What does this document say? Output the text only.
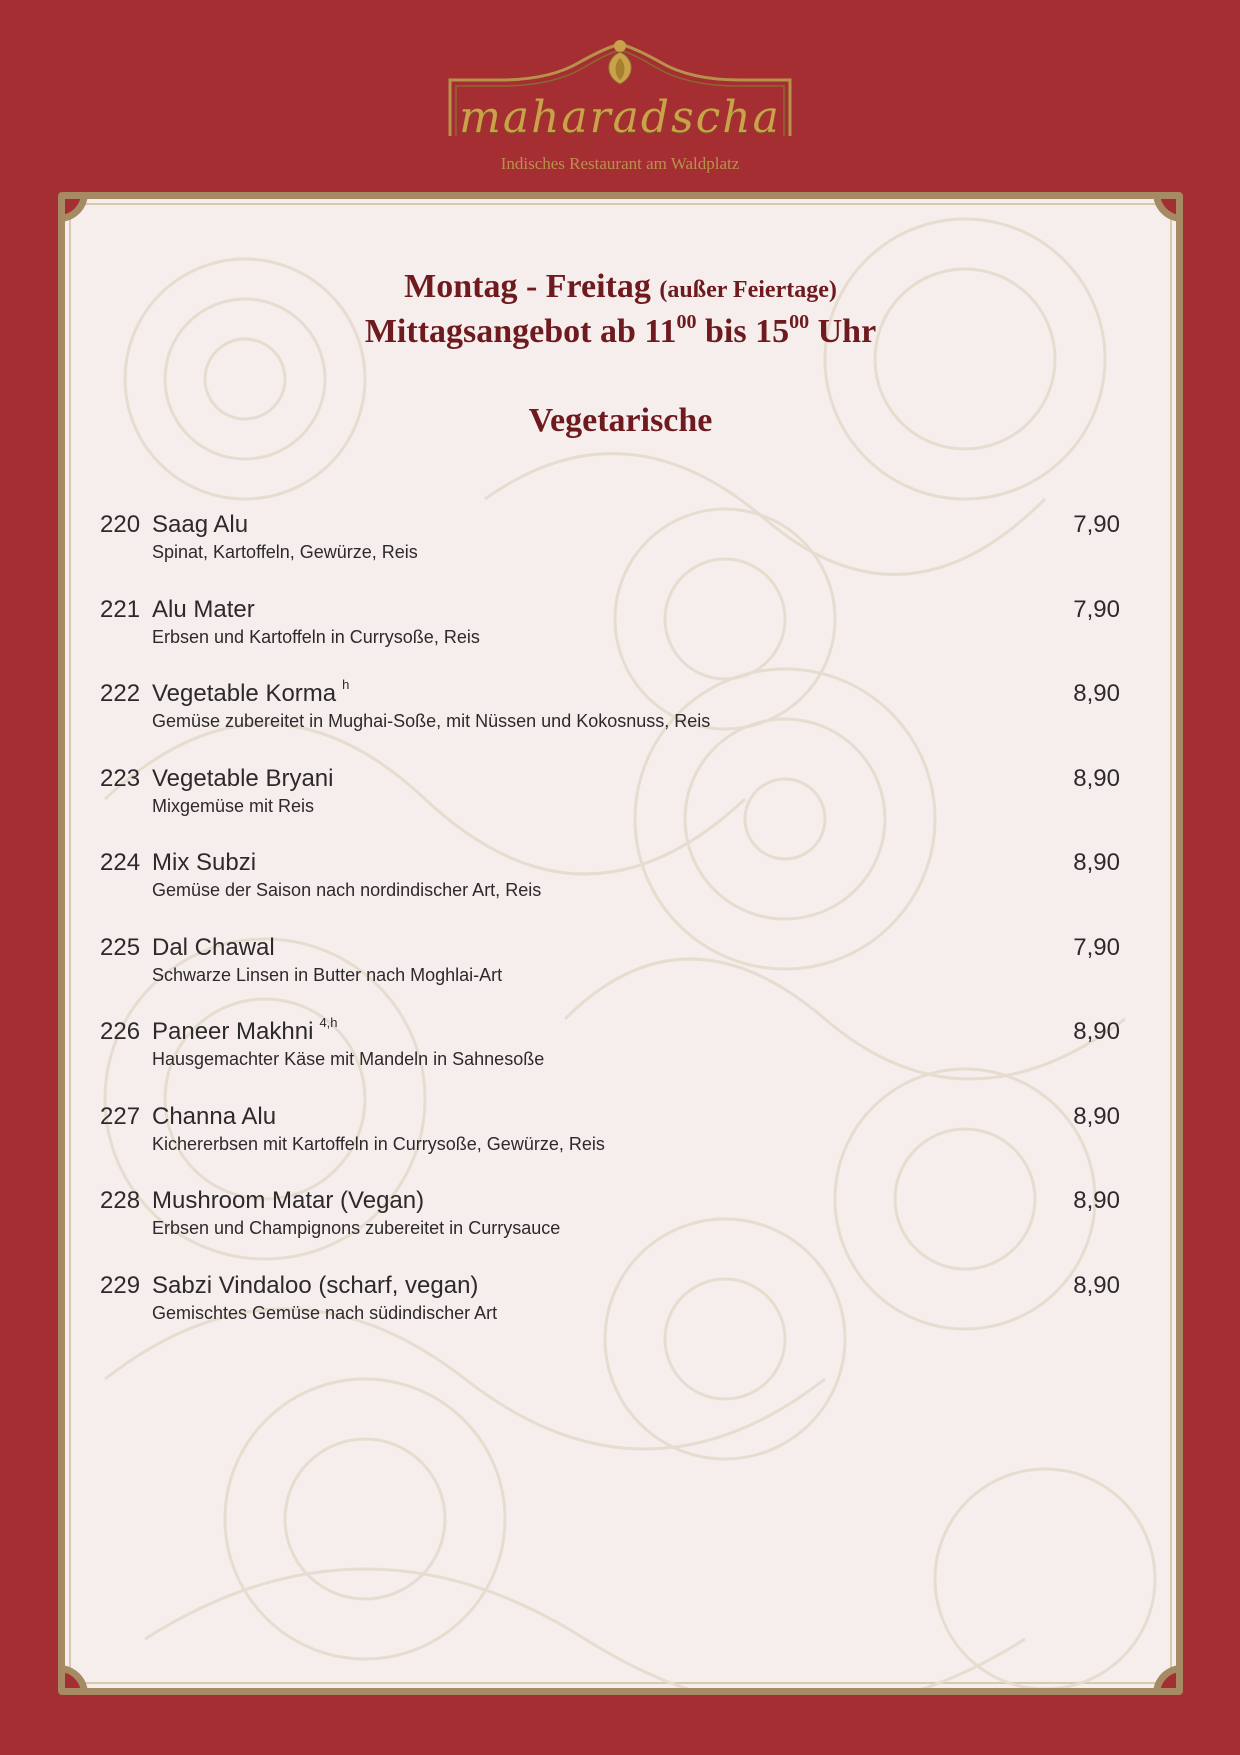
maharadscha
Indisches Restaurant am Waldplatz
Montag - Freitag (außer Feiertage)
Mittagsangebot ab $11^{00}$ bis $15^{00}$ Uhr
Vegetarische
220 Saag Alu
Spinat, Kartoffeln, Gewürze, Reis
7,90
221 Alu Mater
Erbsen und Kartoffeln in Currysoße, Reis
7,90
222 Vegetable Korma $^h$
Gemüse zubereitet in Mughai-Soße, mit Nüssen und Kokosnuss, Reis
8,90
223 Vegetable Bryani
Mixgemüse mit Reis
8,90
224 Mix Subzi
Gemüse der Saison nach nordindischer Art, Reis
8,90
225 Dal Chawal
Schwarze Linsen in Butter nach Moghlai-Art
7,90
226 Paneer Makhni $^{4,h}$
Hausgemachter Käse mit Mandeln in Sahnesoße
8,90
227 Channa Alu
Kichererbsen mit Kartoffeln in Currysoße, Gewürze, Reis
8,90
228 Mushroom Matar (Vegan)
Erbsen und Champignons zubereitet in Currysauce
8,90
229 Sabzi Vindaloo (scharf, vegan)
Gemischtes Gemüse nach südindischer Art
8,90
